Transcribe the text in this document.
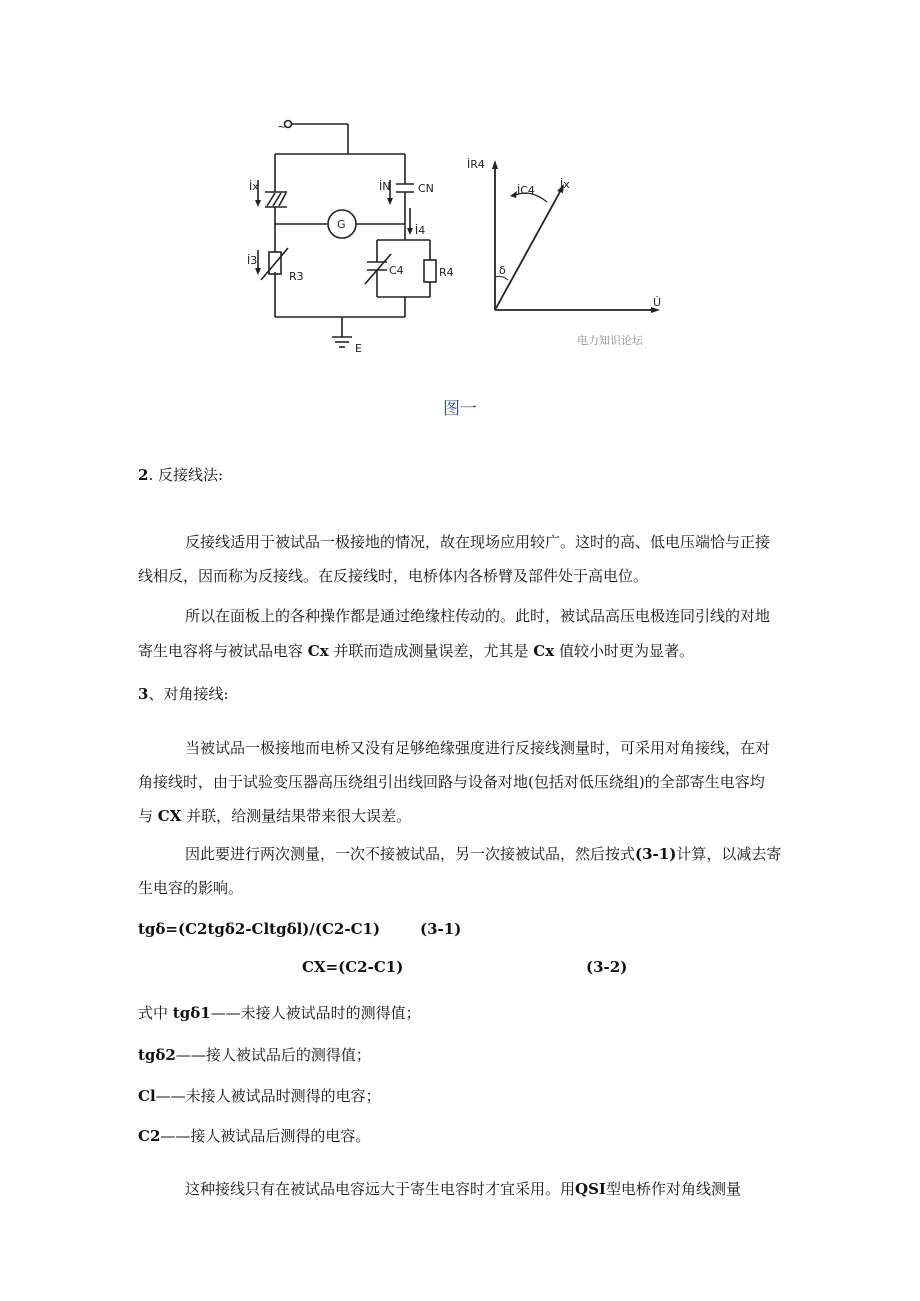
~
İx	İN	CN
G	İ4
İ3
R3	C4	R4
E
İR4
İC4 İx
δ
U̇
电力知识论坛
图一
2. 反接线法:
反接线适用于被试品一极接地的情况，故在现场应用较广。这时的高、低电压端恰与正接
线相反，因而称为反接线。在反接线时，电桥体内各桥臂及部件处于高电位。
所以在面板上的各种操作都是通过绝缘柱传动的。此时，被试品高压电极连同引线的对地
寄生电容将与被试品电容 Cx 并联而造成测量误差，尤其是 Cx 值较小时更为显著。
3、对角接线:
当被试品一极接地而电桥又没有足够绝缘强度进行反接线测量时，可采用对角接线，在对
角接线时，由于试验变压器高压绕组引出线回路与设备对地(包括对低压绕组)的全部寄生电容均
与 CX 并联，给测量结果带来很大误差。
因此要进行两次测量，一次不接被试品，另一次接被试品，然后按式(3-1)计算，以减去寄
生电容的影响。
tgδ=(C2tgδ2-Cltgδl)/(C2-C1)	(3-1)
CX=(C2-C1)	(3-2)
式中 tgδ1——未接人被试品时的测得值；
tgδ2——接人被试品后的测得值；
Cl——未接人被试品时测得的电容；
C2——接人被试品后测得的电容。
这种接线只有在被试品电容远大于寄生电容时才宜采用。用QSI型电桥作对角线测量
